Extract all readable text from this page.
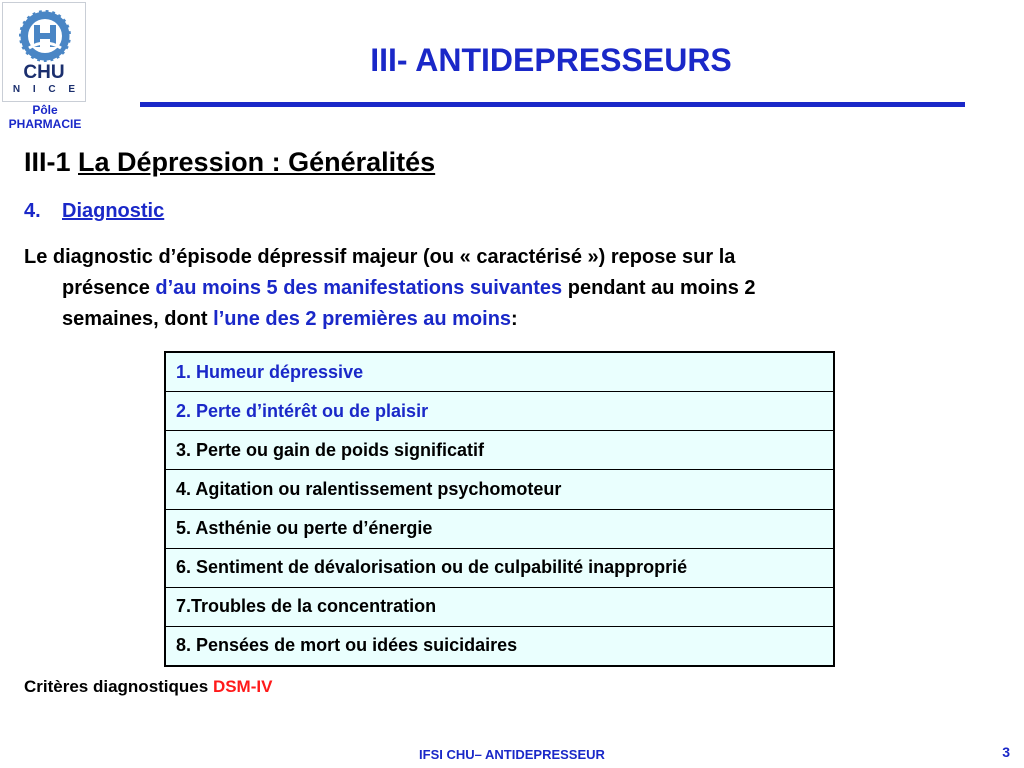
CHU
N I C E
Pôle
PHARMACIE
III- ANTIDEPRESSEURS
III-1 La Dépression : Généralités
4. Diagnostic
Le diagnostic d’épisode dépressif majeur (ou « caractérisé ») repose sur la
présence d’au moins 5 des manifestations suivantes pendant au moins 2
semaines, dont l’une des 2 premières au moins:
1. Humeur dépressive
2. Perte d’intérêt ou de plaisir
3. Perte ou gain de poids significatif
4. Agitation ou ralentissement psychomoteur
5. Asthénie ou perte d’énergie
6. Sentiment de dévalorisation ou de culpabilité inapproprié
7.Troubles de la concentration
8. Pensées de mort ou idées suicidaires
Critères diagnostiques DSM-IV
IFSI CHU– ANTIDEPRESSEUR	3
